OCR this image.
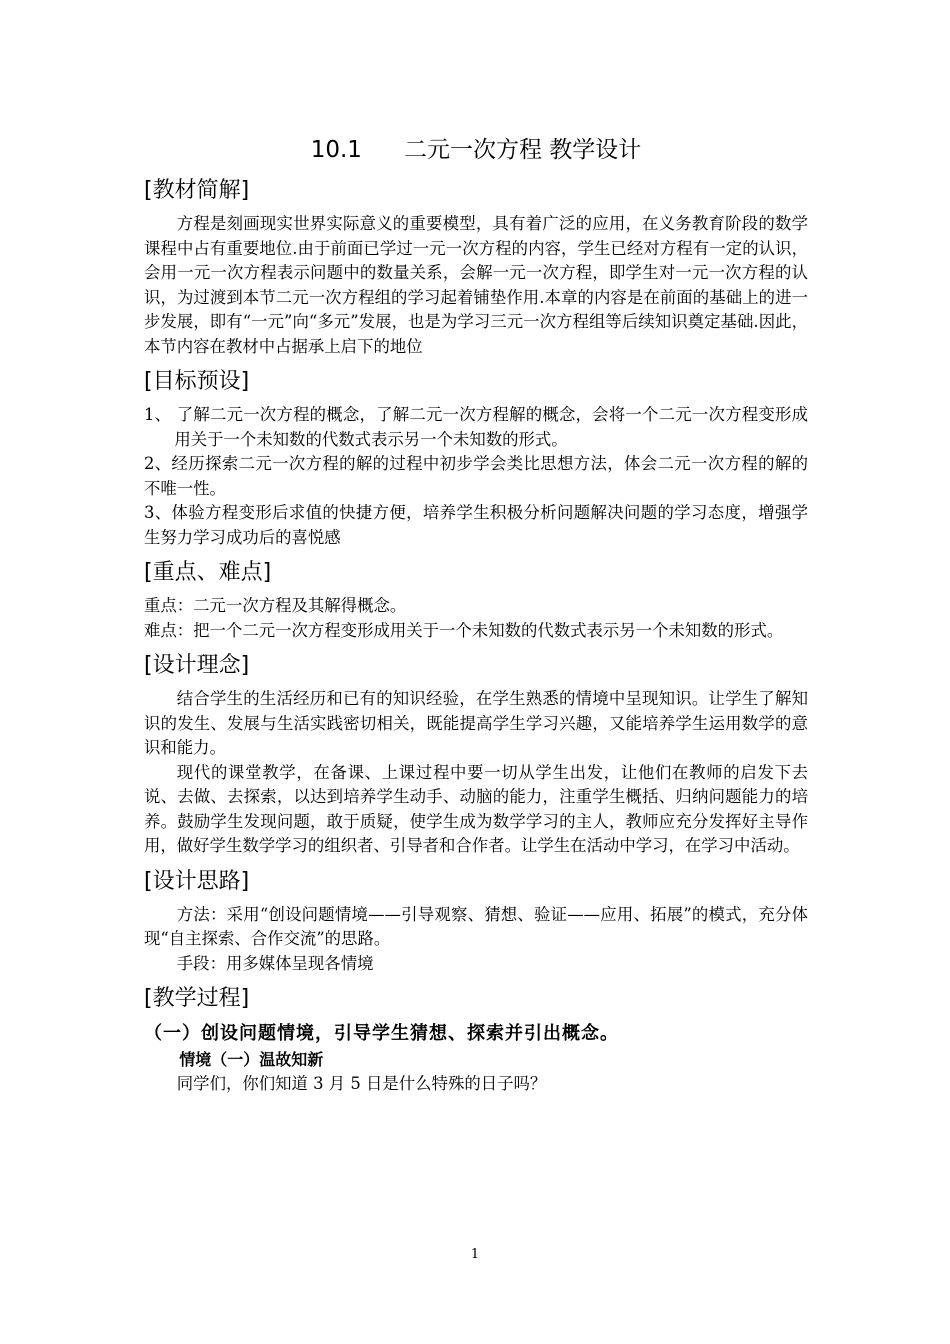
10.1 二元一次方程 教学设计
[教材简解]

方程是刻画现实世界实际意义的重要模型，具有着广泛的应用，在义务教育阶段的数学课程中占有重要地位.由于前面已学过一元一次方程的内容，学生已经对方程有一定的认识，会用一元一次方程表示问题中的数量关系，会解一元一次方程，即学生对一元一次方程的认识，为过渡到本节二元一次方程组的学习起着铺垫作用.本章的内容是在前面的基础上的进一步发展，即有“一元”向“多元”发展，也是为学习三元一次方程组等后续知识奠定基础.因此，本节内容在教材中占据承上启下的地位

[目标预设]

1、 了解二元一次方程的概念，了解二元一次方程解的概念，会将一个二元一次方程变形成用关于一个未知数的代数式表示另一个未知数的形式。

2、经历探索二元一次方程的解的过程中初步学会类比思想方法，体会二元一次方程的解的不唯一性。

3、体验方程变形后求值的快捷方便，培养学生积极分析问题解决问题的学习态度，增强学生努力学习成功后的喜悦感

[重点、难点]

重点：二元一次方程及其解得概念。

难点：把一个二元一次方程变形成用关于一个未知数的代数式表示另一个未知数的形式。

[设计理念]

结合学生的生活经历和已有的知识经验，在学生熟悉的情境中呈现知识。让学生了解知识的发生、发展与生活实践密切相关，既能提高学生学习兴趣，又能培养学生运用数学的意识和能力。

现代的课堂教学，在备课、上课过程中要一切从学生出发，让他们在教师的启发下去说、去做、去探索，以达到培养学生动手、动脑的能力，注重学生概括、归纳问题能力的培养。鼓励学生发现问题，敢于质疑，使学生成为数学学习的主人，教师应充分发挥好主导作用，做好学生数学学习的组织者、引导者和合作者。让学生在活动中学习，在学习中活动。

[设计思路]

方法：采用“创设问题情境——引导观察、猜想、验证——应用、拓展”的模式，充分体现“自主探索、合作交流”的思路。

手段：用多媒体呈现各情境

[教学过程]
（一）创设问题情境，引导学生猜想、探索并引出概念。
情境（一）温故知新

同学们，你们知道 3 月 5 日是什么特殊的日子吗？

1
